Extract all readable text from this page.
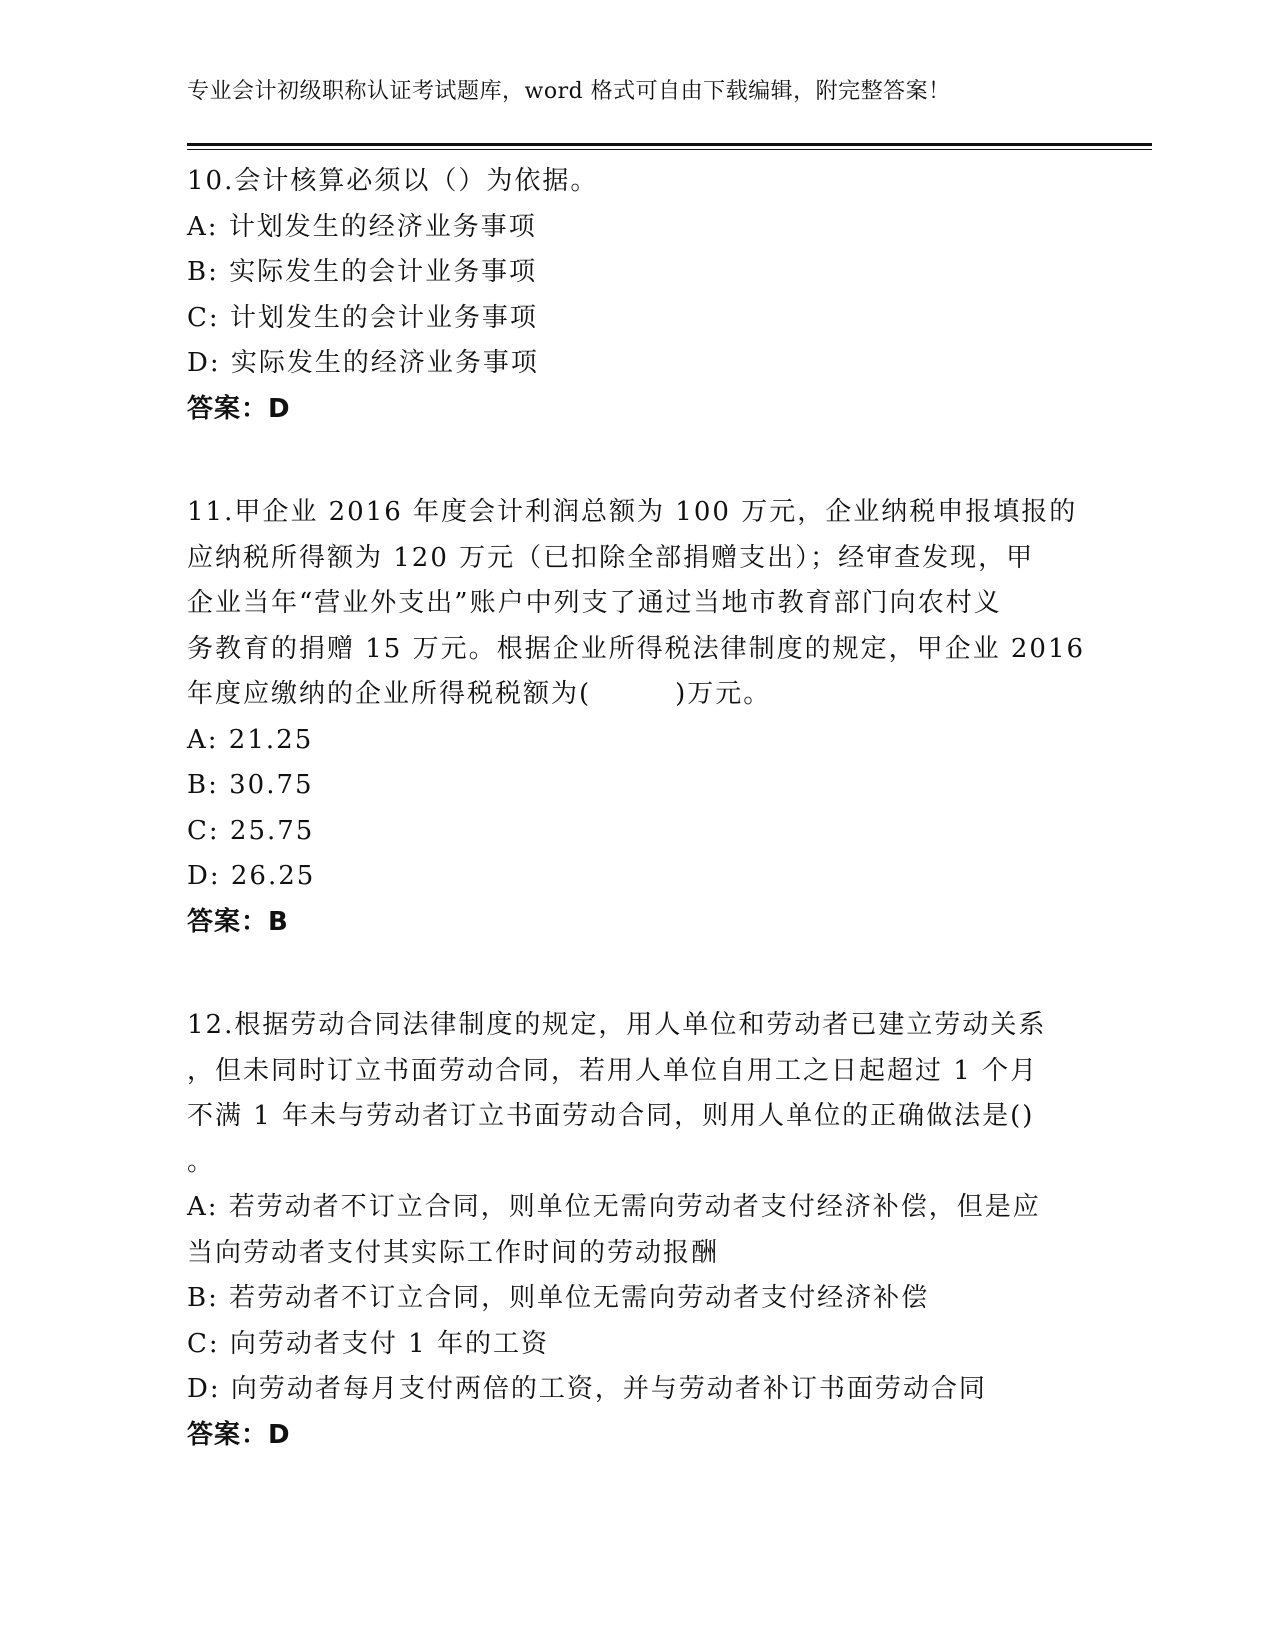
专业会计初级职称认证考试题库，word 格式可自由下载编辑，附完整答案！
10.会计核算必须以（）为依据。
A: 计划发生的经济业务事项
B: 实际发生的会计业务事项
C: 计划发生的会计业务事项
D: 实际发生的经济业务事项
答案：D
11.甲企业 2016 年度会计利润总额为 100 万元，企业纳税申报填报的
应纳税所得额为 120 万元（已扣除全部捐赠支出）；经审查发现，甲
企业当年“营业外支出”账户中列支了通过当地市教育部门向农村义
务教育的捐赠 15 万元。根据企业所得税法律制度的规定，甲企业 2016
年度应缴纳的企业所得税税额为(　　　)万元。
A: 21.25
B: 30.75
C: 25.75
D: 26.25
答案：B
12.根据劳动合同法律制度的规定，用人单位和劳动者已建立劳动关系
，但未同时订立书面劳动合同，若用人单位自用工之日起超过 1 个月
不满 1 年未与劳动者订立书面劳动合同，则用人单位的正确做法是()
。
A: 若劳动者不订立合同，则单位无需向劳动者支付经济补偿，但是应
当向劳动者支付其实际工作时间的劳动报酬
B: 若劳动者不订立合同，则单位无需向劳动者支付经济补偿
C: 向劳动者支付 1 年的工资
D: 向劳动者每月支付两倍的工资，并与劳动者补订书面劳动合同
答案：D
